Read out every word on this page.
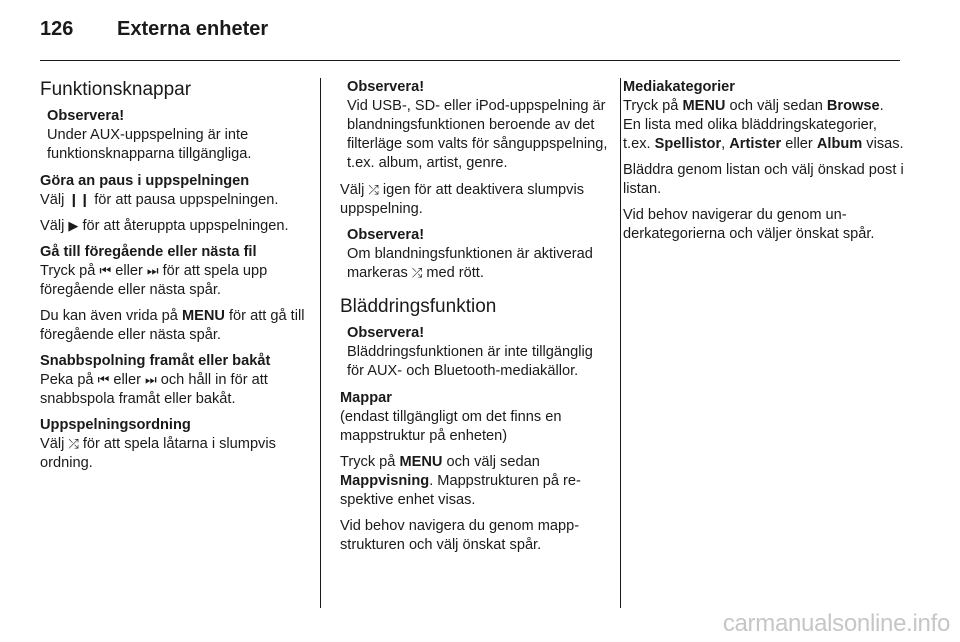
126	Externa enheter
Funktionsknappar
Observera!
Under AUX-uppspelning är inte funktionsknapparna tillgängliga.

Göra an paus i uppspelningen
Välj ❙❙ för att pausa uppspelningen.

Välj ▶ för att återuppta uppspelningen.

Gå till föregående eller nästa fil
Tryck på ⏮ eller ⏭ för att spela upp föregående eller nästa spår.

Du kan även vrida på MENU för att gå till föregående eller nästa spår.

Snabbspolning framåt eller bakåt
Peka på ⏮ eller ⏭ och håll in för att snabbspola framåt eller bakåt.

Uppspelningsordning
Välj ⤮ för att spela låtarna i slumpvis ordning.

Observera!
Vid USB-, SD- eller iPod-uppspelning är blandningsfunktionen beroende av det filterläge som valts för sånguppspelning, t.ex. album, artist, genre.

Välj ⤮ igen för att deaktivera slumpvis uppspelning.

Observera!
Om blandningsfunktionen är aktiverad markeras ⤮ med rött.
Bläddringsfunktion
Observera!
Bläddringsfunktionen är inte tillgänglig för AUX- och Bluetooth-mediakällor.

Mappar
(endast tillgängligt om det finns en mappstruktur på enheten)

Tryck på MENU och välj sedan Mappvisning. Mappstrukturen på respektive enhet visas.

Vid behov navigera du genom mappstrukturen och välj önskat spår.

Mediakategorier
Tryck på MENU och välj sedan Browse. En lista med olika bläddringskategorier, t.ex. Spellistor, Artister eller Album visas.

Bläddra genom listan och välj önskad post i listan.

Vid behov navigerar du genom underkategorierna och väljer önskat spår.

carmanualsonline.info
